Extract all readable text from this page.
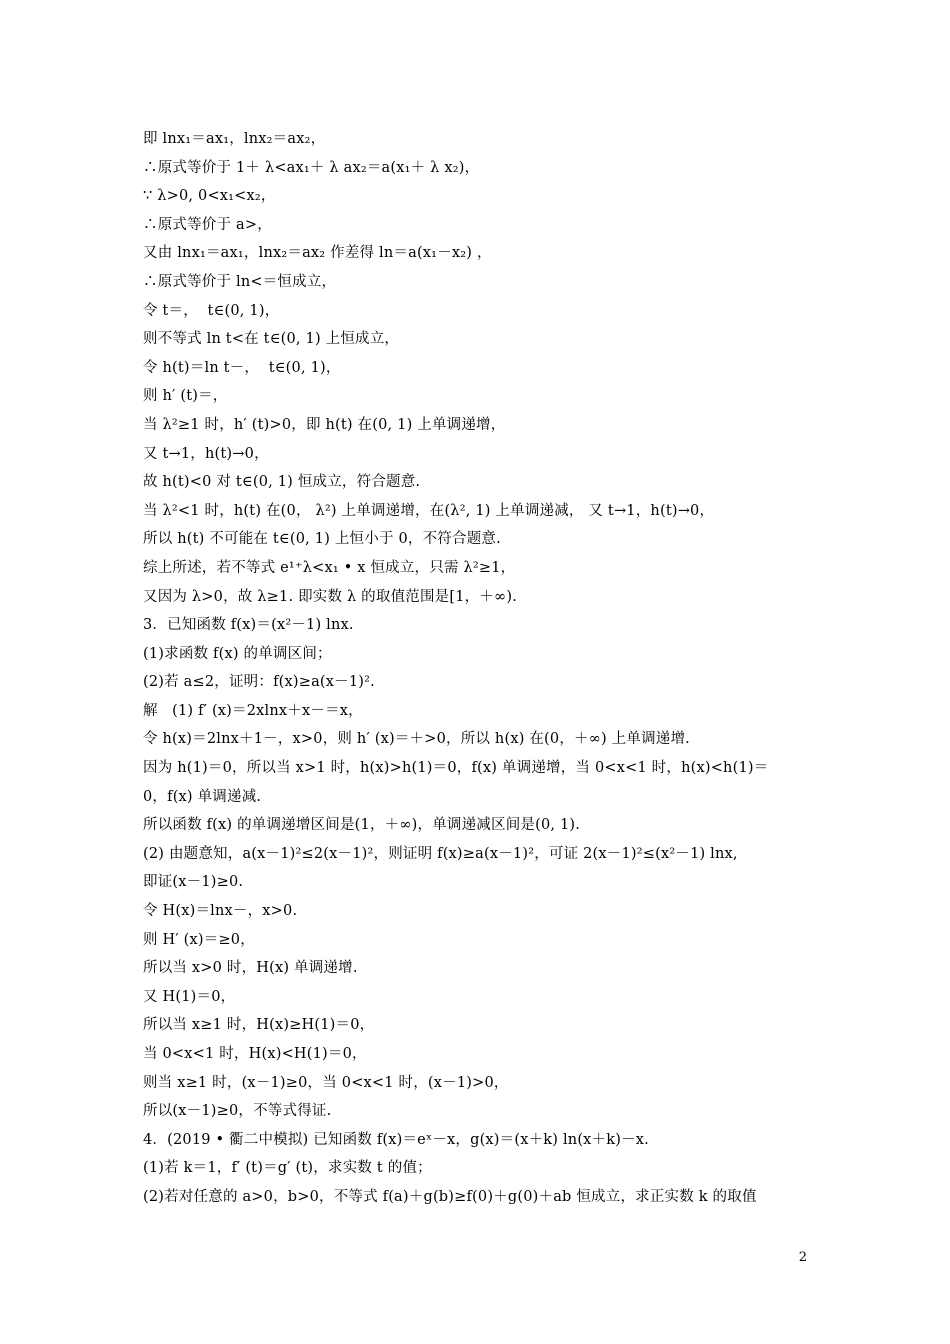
即 lnx₁＝ax₁，lnx₂＝ax₂，
∴原式等价于 1＋ λ<ax₁＋ λ ax₂＝a(x₁＋ λ x₂)，
∵ λ>0, 0<x₁<x₂，
∴原式等价于 a>，
又由 lnx₁＝ax₁，lnx₂＝ax₂ 作差得 ln＝a(x₁－x₂) ，
∴原式等价于 ln<＝恒成立，
令 t＝，  t∈(0, 1)，
则不等式 ln t<在 t∈(0, 1) 上恒成立，
令 h(t)＝ln t－，  t∈(0, 1)，
则 h′ (t)＝，
当 λ²≥1 时，h′ (t)>0，即 h(t) 在(0, 1) 上单调递增，
又 t→1，h(t)→0，
故 h(t)<0 对 t∈(0, 1) 恒成立，符合题意.
当 λ²<1 时，h(t) 在(0， λ²) 上单调递增，在(λ², 1) 上单调递减， 又 t→1，h(t)→0，
所以 h(t) 不可能在 t∈(0, 1) 上恒小于 0，不符合题意.
综上所述，若不等式 e¹⁺λ<x₁ • x 恒成立，只需 λ²≥1，
又因为 λ>0，故 λ≥1. 即实数 λ 的取值范围是[1，＋∞).
3．已知函数 f(x)＝(x²－1) lnx.
(1)求函数 f(x) 的单调区间；
(2)若 a≤2，证明：f(x)≥a(x－1)².
解   (1) f′ (x)＝2xlnx＋x－＝x，
令 h(x)＝2lnx＋1－，x>0，则 h′ (x)＝＋>0，所以 h(x) 在(0，＋∞) 上单调递增.
因为 h(1)＝0，所以当 x>1 时，h(x)>h(1)＝0，f(x) 单调递增，当 0<x<1 时，h(x)<h(1)＝
0，f(x) 单调递减.
所以函数 f(x) 的单调递增区间是(1，＋∞)，单调递减区间是(0, 1).
(2) 由题意知，a(x－1)²≤2(x－1)²，则证明 f(x)≥a(x－1)²，可证 2(x－1)²≤(x²－1) lnx,
即证(x－1)≥0.
令 H(x)＝lnx－，x>0.
则 H′ (x)＝≥0，
所以当 x>0 时，H(x) 单调递增.
又 H(1)＝0，
所以当 x≥1 时，H(x)≥H(1)＝0，
当 0<x<1 时，H(x)<H(1)＝0，
则当 x≥1 时，(x－1)≥0，当 0<x<1 时，(x－1)>0，
所以(x－1)≥0，不等式得证.
4．(2019 • 衢二中模拟) 已知函数 f(x)＝eˣ－x，g(x)＝(x＋k) ln(x＋k)－x.
(1)若 k＝1，f′ (t)＝g′ (t)，求实数 t 的值；
(2)若对任意的 a>0，b>0，不等式 f(a)＋g(b)≥f(0)＋g(0)＋ab 恒成立，求正实数 k 的取值
2
